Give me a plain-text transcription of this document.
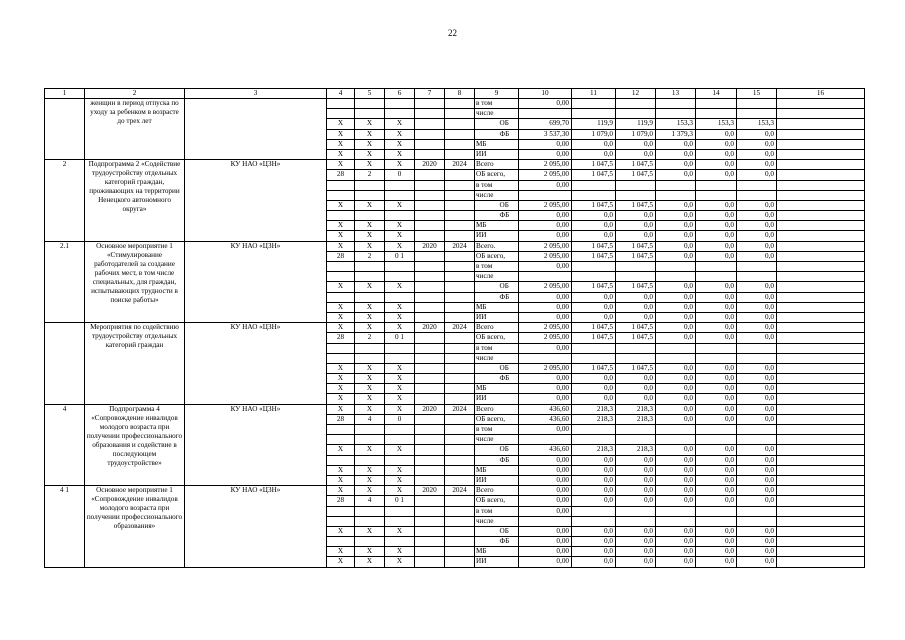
22
1	2	3	4	5	6	7	8	9		10	11	12	13	14	15	16
	женщин в период отпуска по уходу за ребенком в возрасте до трех лет							в том		0,00						
								числе								
			X	X	X				ОБ	699,70	119,9	119,9	153,3	153,3	153,3	
			X	X	X				ФБ	3 537,30	1 079,0	1 079,0	1 379,3	0,0	0,0	
			X	X	X			МБ		0,00	0,0	0,0	0,0	0,0	0,0	
			X	X	X			ИИ		0,00	0,0	0,0	0,0	0,0	0,0	
2	Подпрограмма 2 «Содействие трудоустройству отдельных категорий граждан, проживающих на территории Ненецкого автономного округа»	КУ НАО «ЦЗН»	X	X	X	2020	2024	Всего		2 095,00	1 047,5	1 047,5	0,0	0,0	0,0	
			28	2	0			ОБ всего,		2 095,00	1 047,5	1 047,5	0,0	0,0	0,0	
								в том		0,00						
								числе								
			X	X	X				ОБ	2 095,00	1 047,5	1 047,5	0,0	0,0	0,0	
									ФБ	0,00	0,0	0,0	0,0	0,0	0,0	
			X	X	X			МБ		0,00	0,0	0,0	0,0	0,0	0,0	
			X	X	X			ИИ		0,00	0,0	0,0	0,0	0,0	0,0	
2.1	Основное мероприятие 1 «Стимулирование работодателей за создание рабочих мест, в том числе специальных, для граждан, испытывающих трудности в поиске работы»	КУ НАО «ЦЗН»	X	X	X	2020	2024	Всего.		2 095,00	1 047,5	1 047,5	0,0	0,0	0,0	
			28	2	0 1			ОБ всего,		2 095,00	1 047,5	1 047,5	0,0	0,0	0,0	
								в том		0,00						
								числе								
			X	X	X				ОБ	2 095,00	1 047,5	1 047,5	0,0	0,0	0,0	
									ФБ	0,00	0,0	0,0	0,0	0,0	0,0	
			X	X	X			МБ		0,00	0,0	0,0	0,0	0,0	0,0	
			X	X	X			ИИ		0,00	0,0	0,0	0,0	0,0	0,0	
	Мероприятия по содействию трудоустройству отдельных категорий граждан	КУ НАО «ЦЗН»	X	X	X	2020	2024	Всего		2 095,00	1 047,5	1 047,5	0,0	0,0	0,0	
			28	2	0 1			ОБ всего,		2 095,00	1 047,5	1 047,5	0,0	0,0	0,0	
								в том		0,00						
								числе								
			X	X	X				ОБ	2 095,00	1 047,5	1 047,5	0,0	0,0	0,0	
			X	X	X				ФБ	0,00	0,0	0,0	0,0	0,0	0,0	
			X	X	X			МБ		0,00	0,0	0,0	0,0	0,0	0,0	
			X	X	X			ИИ		0,00	0,0	0,0	0,0	0,0	0,0	
4	Подпрограмма 4 «Сопровождение инвалидов молодого возраста при получении профессионального образования и содействие в последующем трудоустройстве»	КУ НАО «ЦЗН»	X	X	X	2020	2024	Всего		436,60	218,3	218,3	0,0	0,0	0,0	
			28	4	0			ОБ всего,		436,60	218,3	218,3	0,0	0,0	0,0	
								в том		0,00						
								числе								
			X	X	X				ОБ	436,60	218,3	218,3	0,0	0,0	0,0	
									ФБ	0,00	0,0	0,0	0,0	0,0	0,0	
			X	X	X			МБ		0,00	0,0	0,0	0,0	0,0	0,0	
			X	X	X			ИИ		0,00	0,0	0,0	0,0	0,0	0,0	
4 1	Основное мероприятие 1 «Сопровождение инвалидов молодого возраста при получении профессионального образования»	КУ НАО «ЦЗН»	X	X	X	2020	2024	Всего		0,00	0,0	0,0	0,0	0,0	0,0	
			28	4	0 1			ОБ всего,		0,00	0,0	0,0	0,0	0,0	0,0	
								в том		0,00						
								числе								
			X	X	X				ОБ	0,00	0,0	0,0	0,0	0,0	0,0	
									ФБ	0,00	0,0	0,0	0,0	0,0	0,0	
			X	X	X			МБ		0,00	0,0	0,0	0,0	0,0	0,0	
			X	X	X			ИИ		0,00	0,0	0,0	0,0	0,0	0,0	
